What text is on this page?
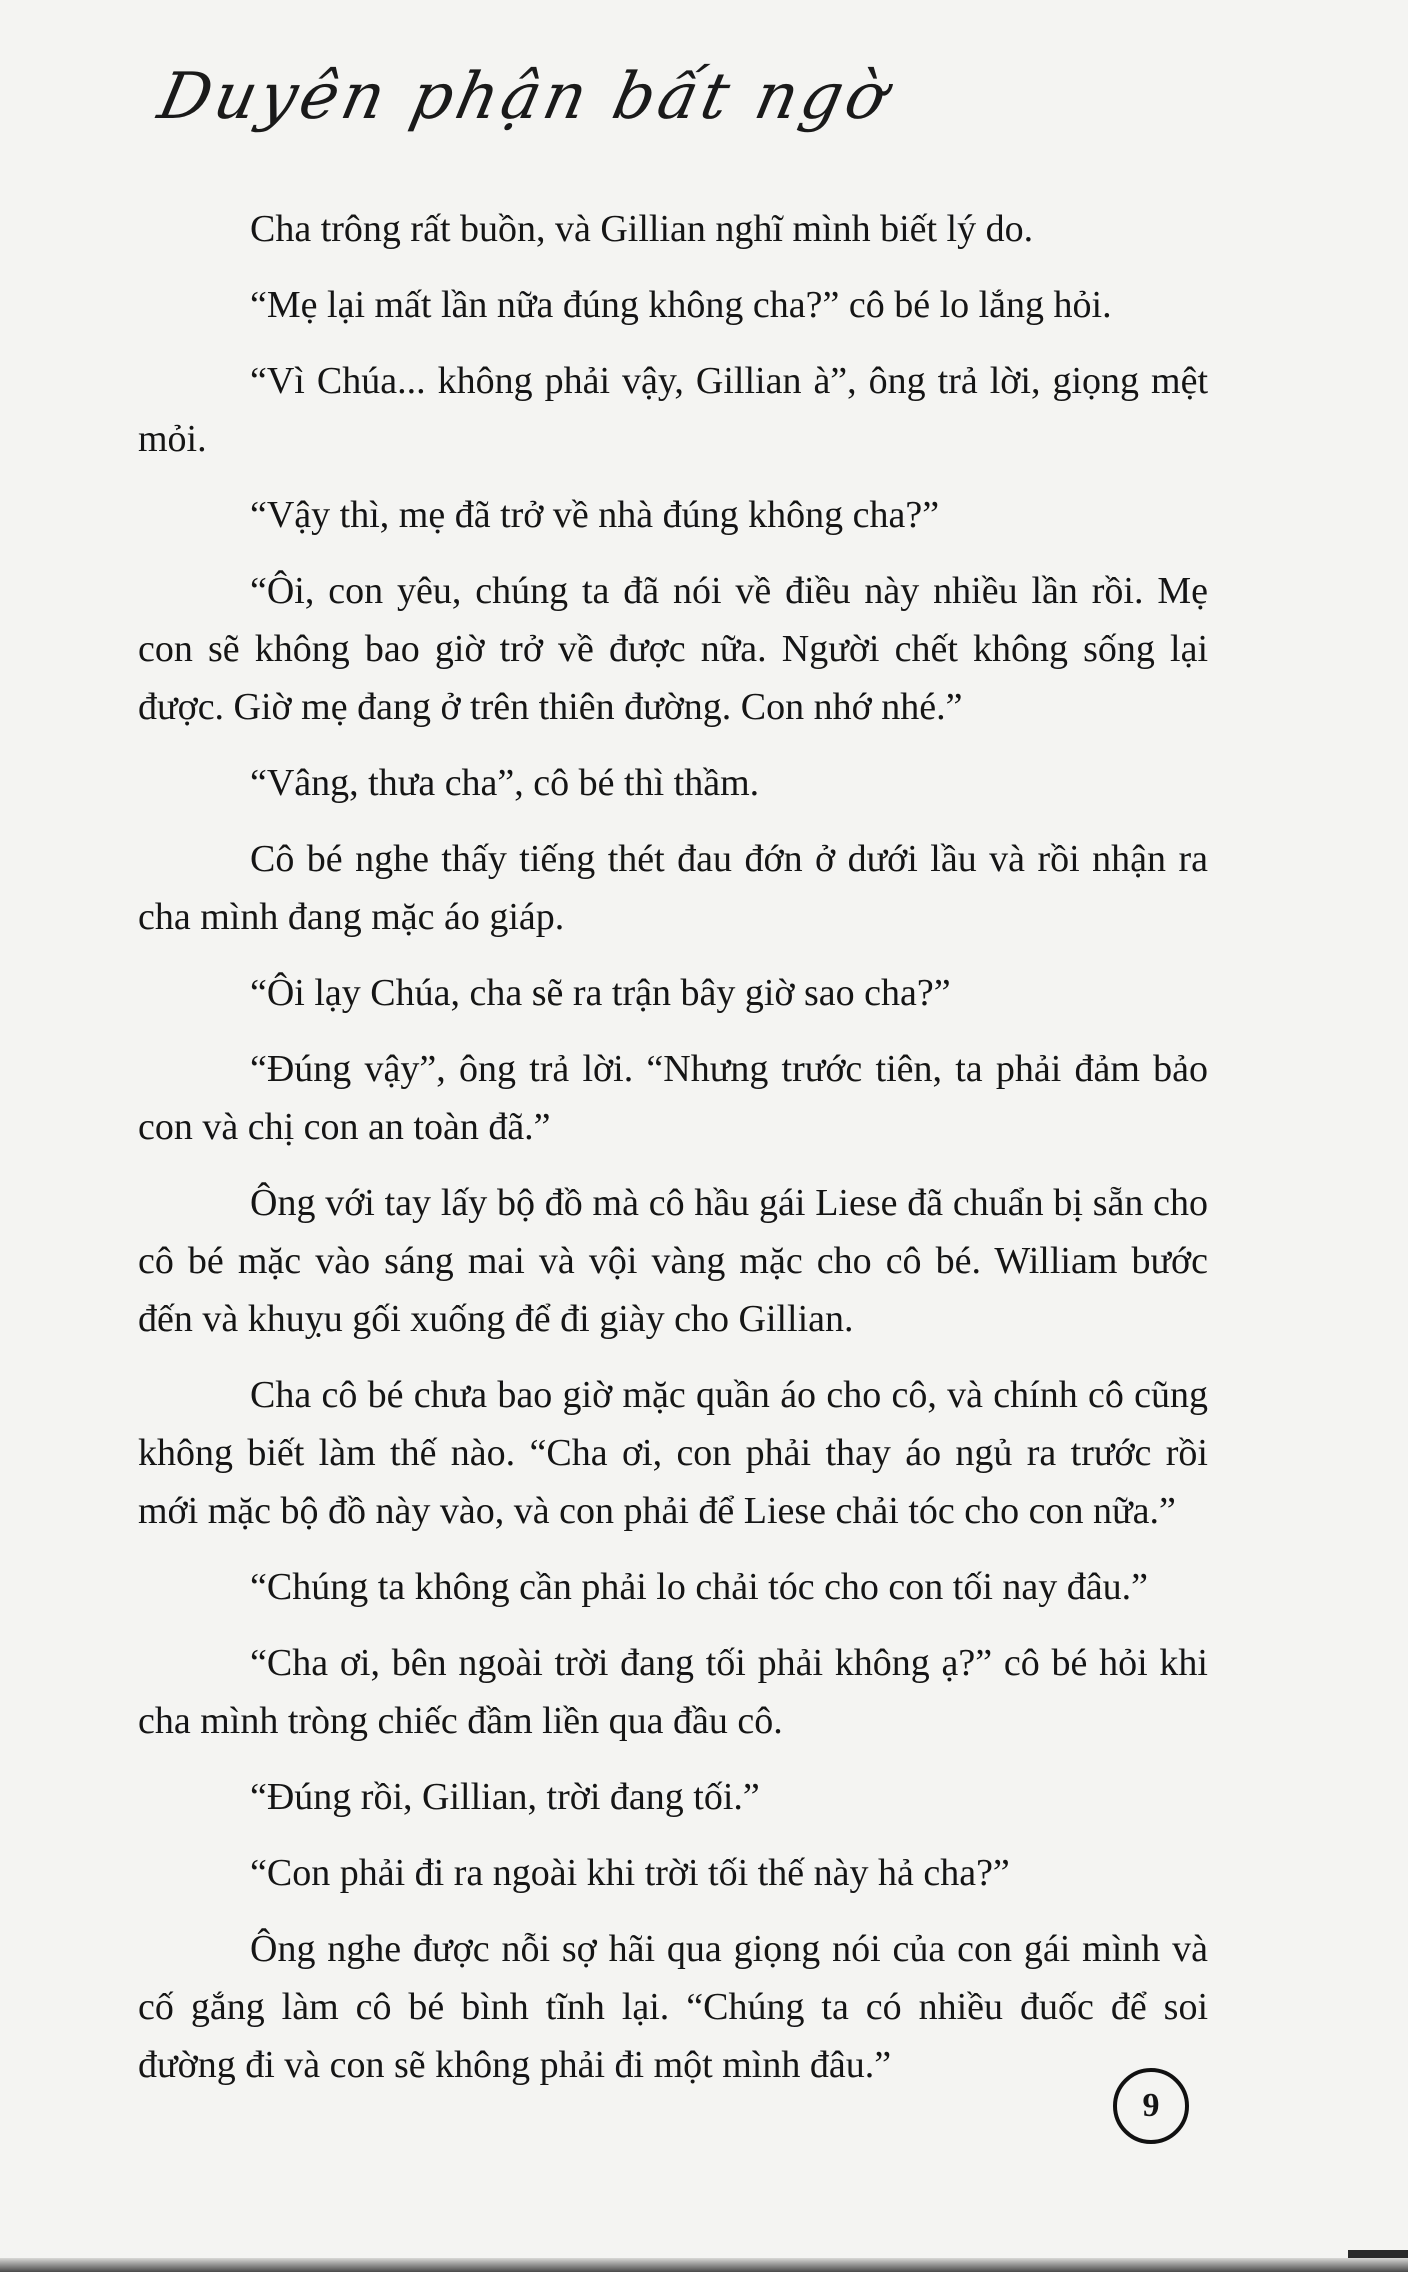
Duyên phận bất ngờ

Cha trông rất buồn, và Gillian nghĩ mình biết lý do.

“Mẹ lại mất lần nữa đúng không cha?” cô bé lo lắng hỏi.

“Vì Chúa... không phải vậy, Gillian à”, ông trả lời, giọng mệt mỏi.

“Vậy thì, mẹ đã trở về nhà đúng không cha?”

“Ôi, con yêu, chúng ta đã nói về điều này nhiều lần rồi. Mẹ con sẽ không bao giờ trở về được nữa. Người chết không sống lại được. Giờ mẹ đang ở trên thiên đường. Con nhớ nhé.”

“Vâng, thưa cha”, cô bé thì thầm.

Cô bé nghe thấy tiếng thét đau đớn ở dưới lầu và rồi nhận ra cha mình đang mặc áo giáp.

“Ôi lạy Chúa, cha sẽ ra trận bây giờ sao cha?”

“Đúng vậy”, ông trả lời. “Nhưng trước tiên, ta phải đảm bảo con và chị con an toàn đã.”

Ông với tay lấy bộ đồ mà cô hầu gái Liese đã chuẩn bị sẵn cho cô bé mặc vào sáng mai và vội vàng mặc cho cô bé. William bước đến và khuỵu gối xuống để đi giày cho Gillian.

Cha cô bé chưa bao giờ mặc quần áo cho cô, và chính cô cũng không biết làm thế nào. “Cha ơi, con phải thay áo ngủ ra trước rồi mới mặc bộ đồ này vào, và con phải để Liese chải tóc cho con nữa.”

“Chúng ta không cần phải lo chải tóc cho con tối nay đâu.”

“Cha ơi, bên ngoài trời đang tối phải không ạ?” cô bé hỏi khi cha mình tròng chiếc đầm liền qua đầu cô.

“Đúng rồi, Gillian, trời đang tối.”

“Con phải đi ra ngoài khi trời tối thế này hả cha?”

Ông nghe được nỗi sợ hãi qua giọng nói của con gái mình và cố gắng làm cô bé bình tĩnh lại. “Chúng ta có nhiều đuốc để soi đường đi và con sẽ không phải đi một mình đâu.”

9
